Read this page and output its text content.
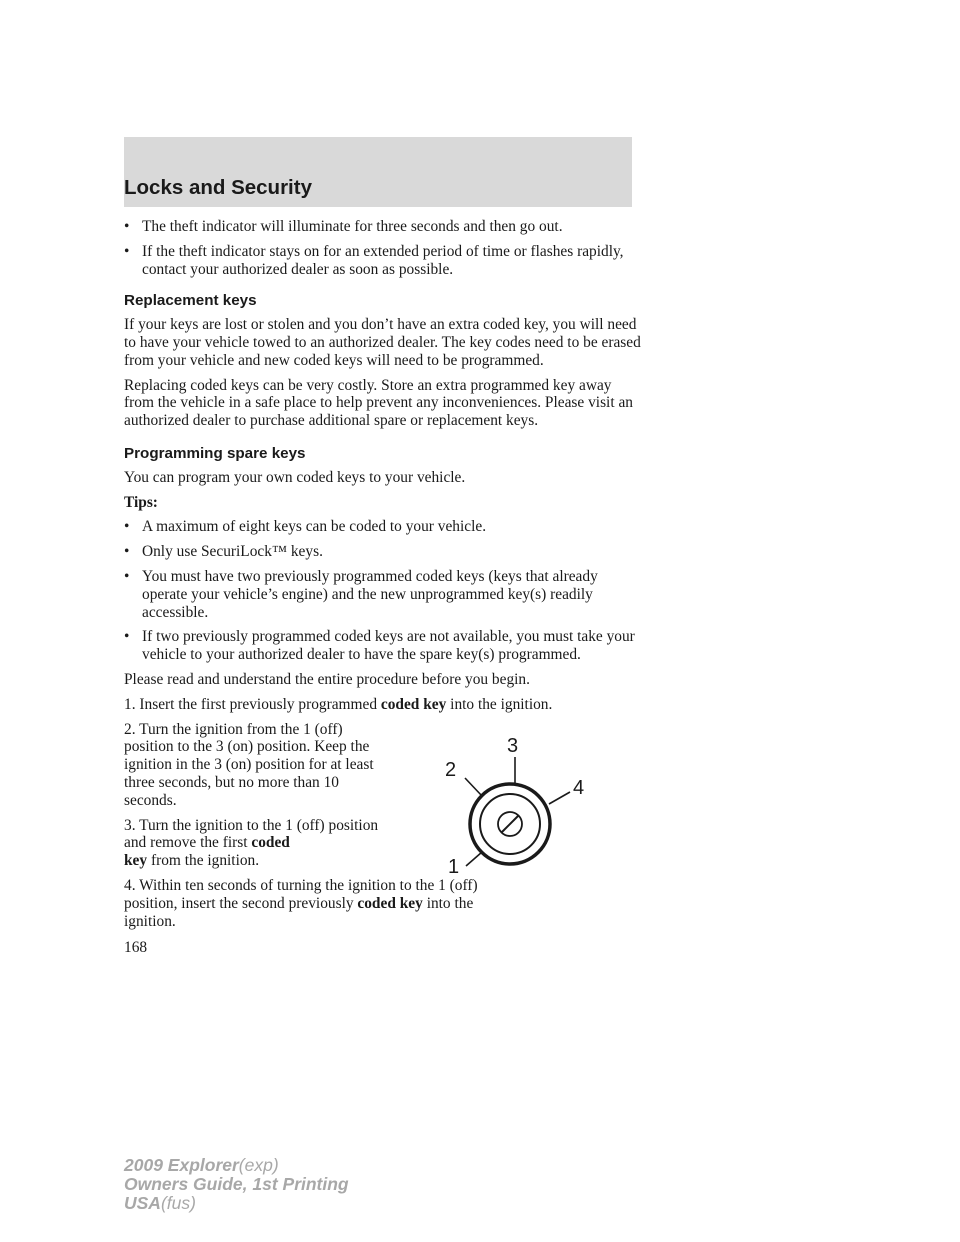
Locks and Security
• The theft indicator will illuminate for three seconds and then go out.
• If the theft indicator stays on for an extended period of time or flashes rapidly, contact your authorized dealer as soon as possible.
Replacement keys

If your keys are lost or stolen and you don’t have an extra coded key, you will need to have your vehicle towed to an authorized dealer. The key codes need to be erased from your vehicle and new coded keys will need to be programmed.

Replacing coded keys can be very costly. Store an extra programmed key away from the vehicle in a safe place to help prevent any inconveniences. Please visit an authorized dealer to purchase additional spare or replacement keys.

Programming spare keys

You can program your own coded keys to your vehicle.

Tips:

• A maximum of eight keys can be coded to your vehicle.
• Only use SecuriLock™ keys.
• You must have two previously programmed coded keys (keys that already operate your vehicle’s engine) and the new unprogrammed key(s) readily accessible.
• If two previously programmed coded keys are not available, you must take your vehicle to your authorized dealer to have the spare key(s) programmed.

Please read and understand the entire procedure before you begin.

1. Insert the first previously programmed coded key into the ignition.

2. Turn the ignition from the 1 (off) position to the 3 (on) position. Keep the ignition in the 3 (on) position for at least three seconds, but no more than 10 seconds.

3. Turn the ignition to the 1 (off) position and remove the first coded
key from the ignition.

4. Within ten seconds of turning the ignition to the 1 (off) position, insert the second previously coded key into the ignition.

3
2
4
1
168
2009 Explorer(exp)
Owners Guide, 1st Printing
USA(fus)
